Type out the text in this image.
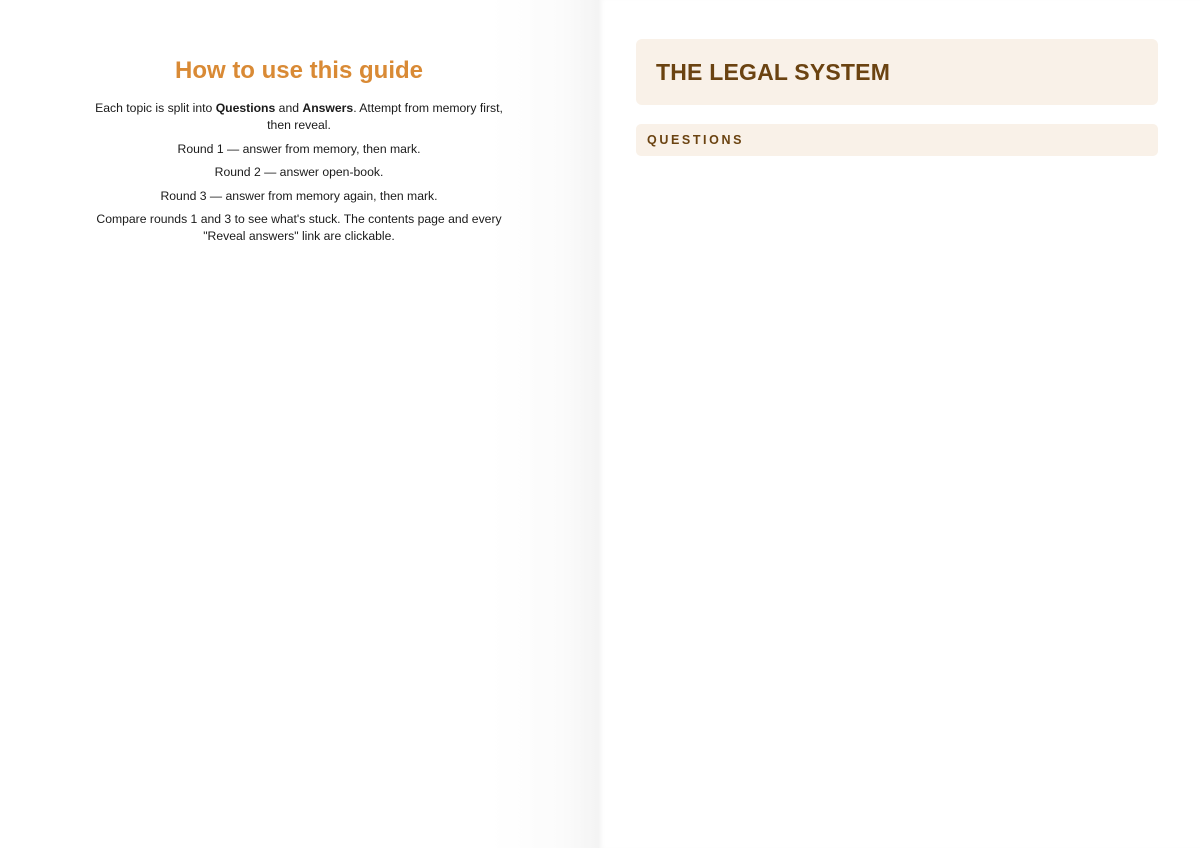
How to use this guide

Each topic is split into Questions and Answers. Attempt from memory first, then reveal.

Round 1 — answer from memory, then mark.

Round 2 — answer open-book.

Round 3 — answer from memory again, then mark.

Compare rounds 1 and 3 to see what's stuck. The contents page and every "Reveal answers" link are clickable.

THE LEGAL SYSTEM
QUESTIONS
